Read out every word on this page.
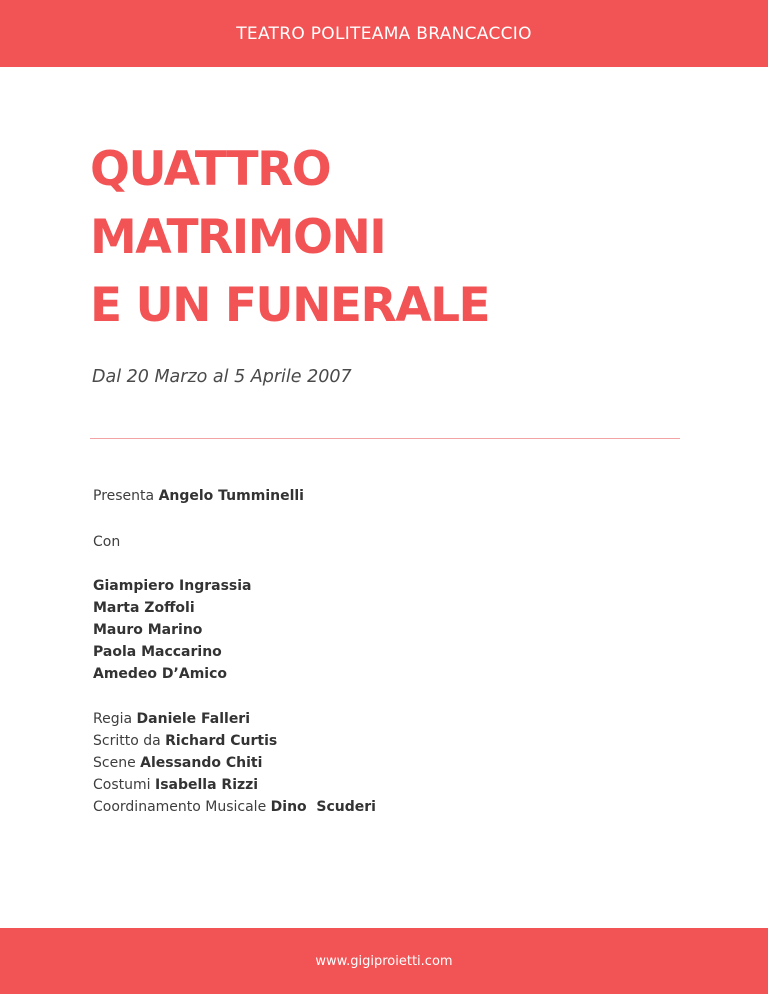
TEATRO POLITEAMA BRANCACCIO
QUATTRO
MATRIMONI
E UN FUNERALE
Dal 20 Marzo al 5 Aprile 2007
Presenta Angelo Tumminelli
Con
Giampiero Ingrassia
Marta Zoffoli
Mauro Marino
Paola Maccarino
Amedeo D’Amico
Regia Daniele Falleri
Scritto da Richard Curtis
Scene Alessando Chiti
Costumi Isabella Rizzi
Coordinamento Musicale Dino  Scuderi
www.gigiproietti.com
